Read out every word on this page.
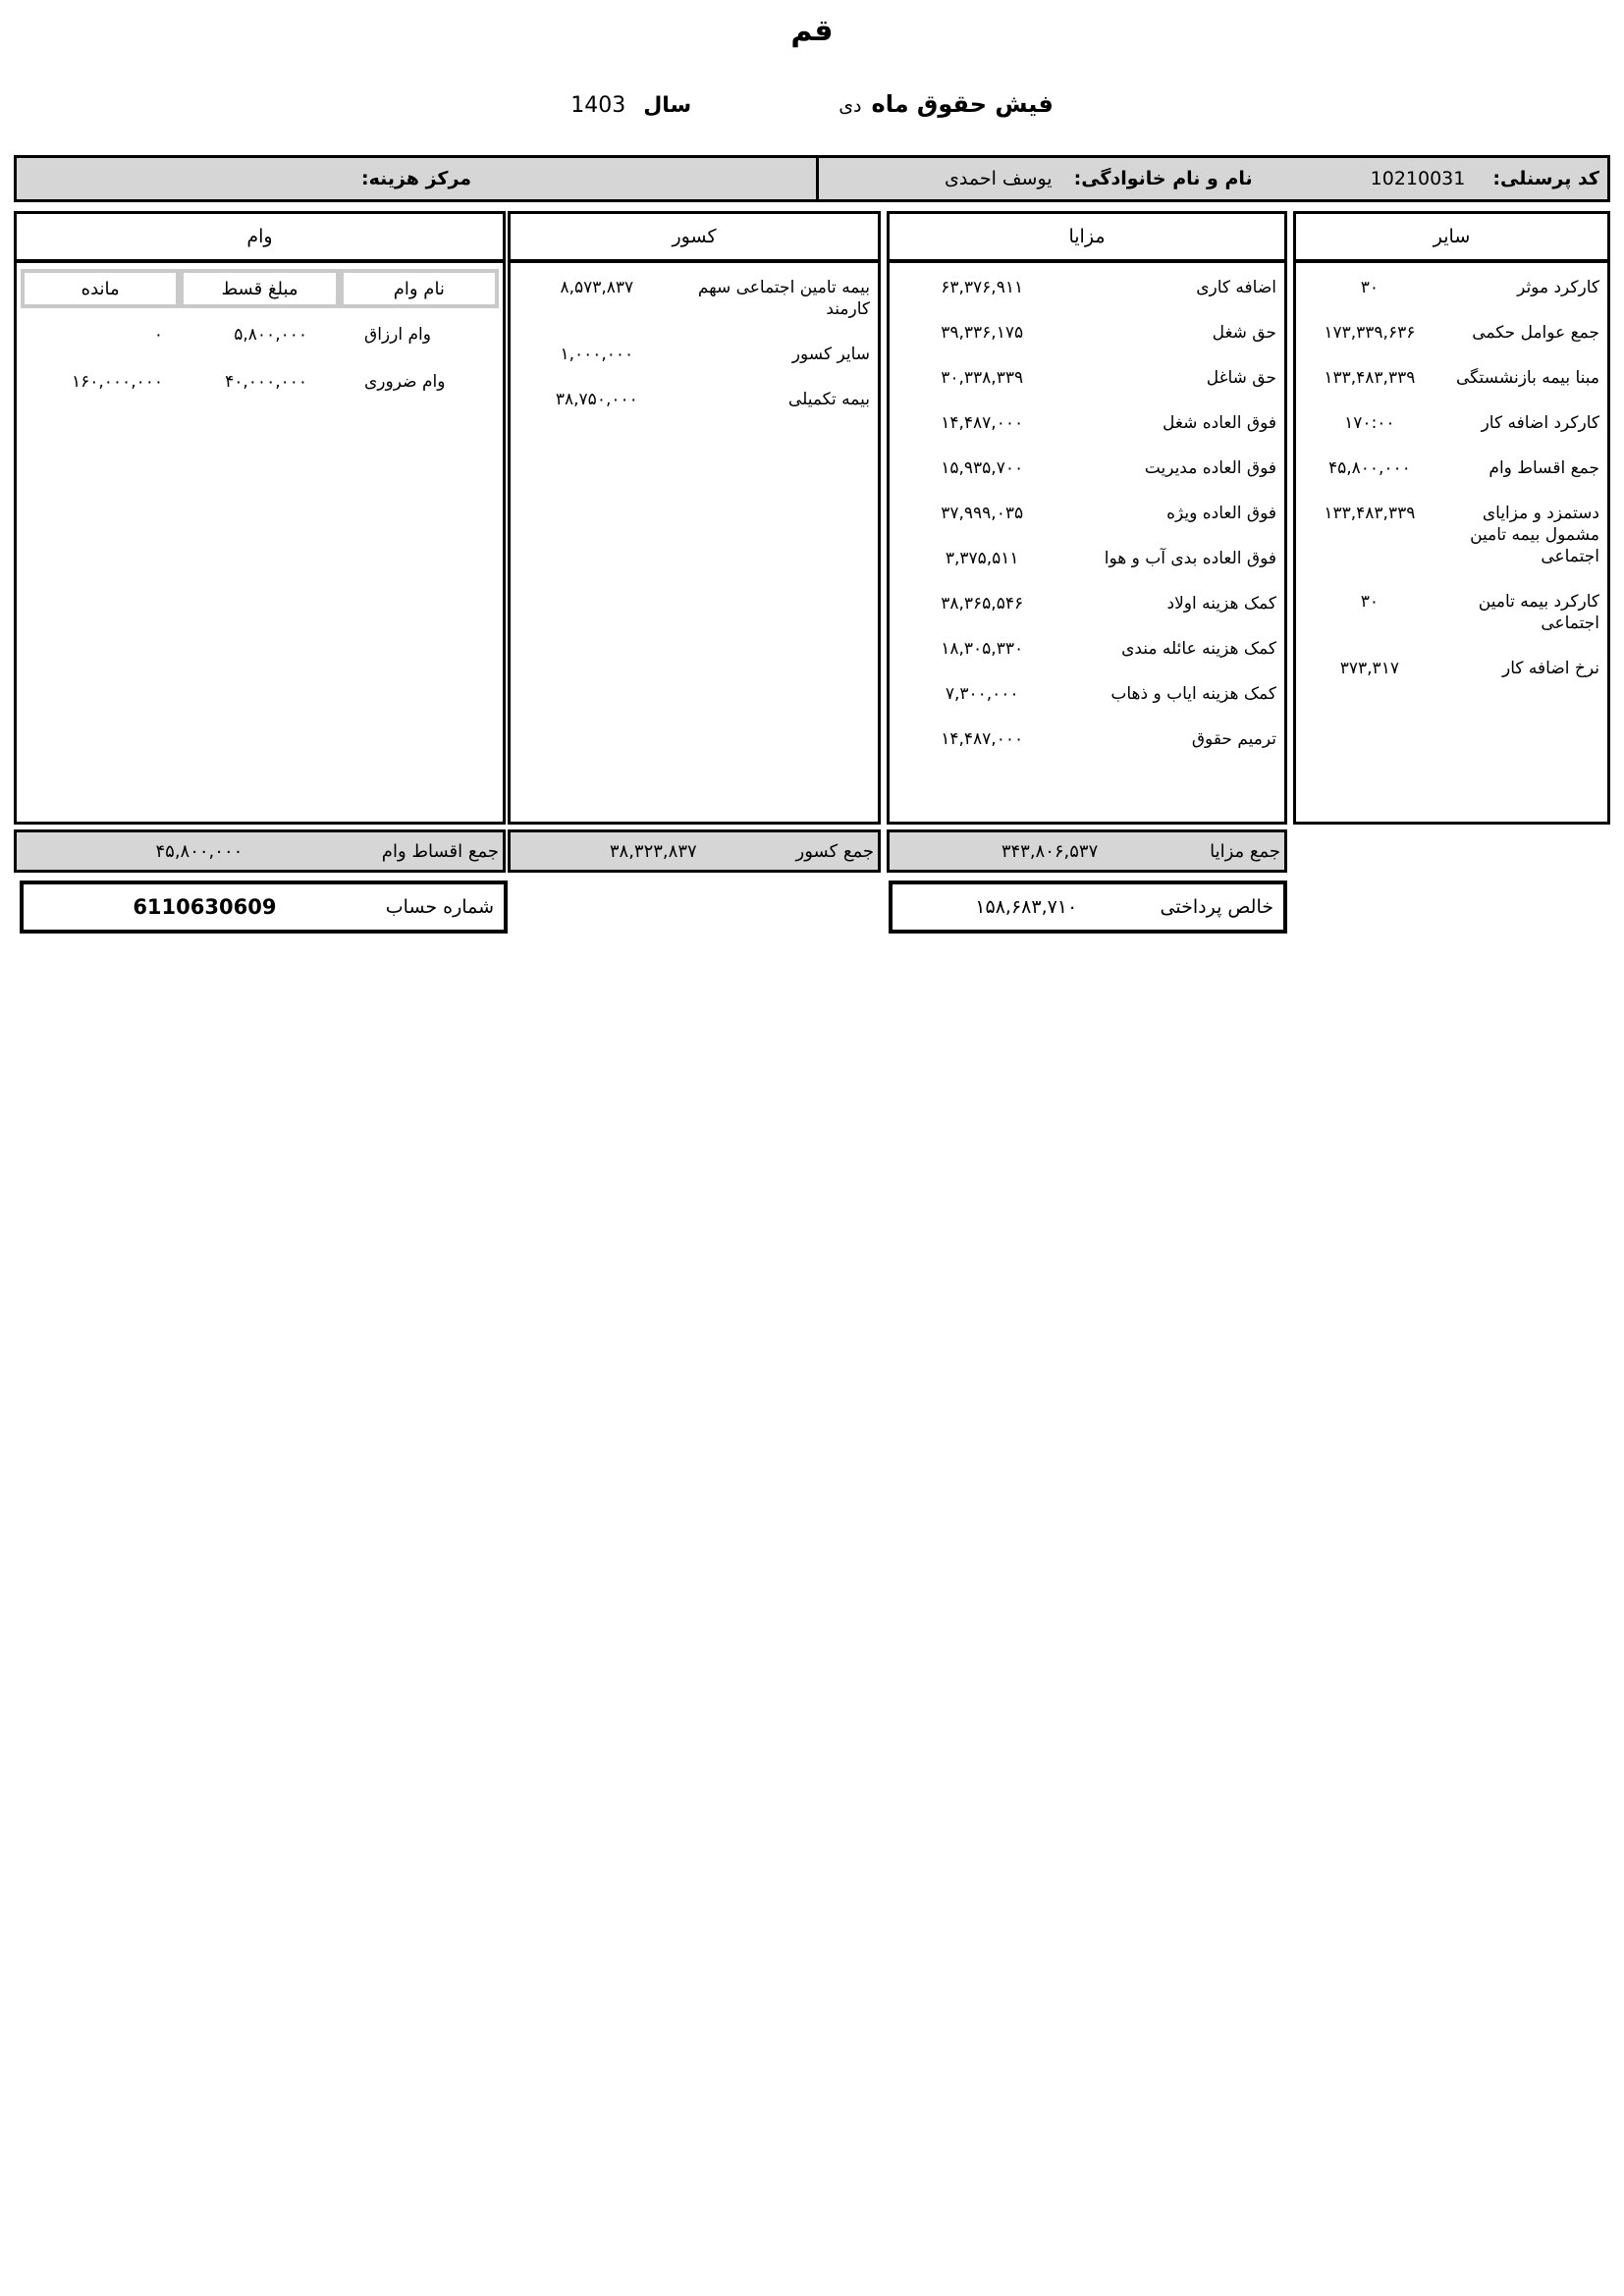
قم
فیش حقوق ماه
دی
سال
1403
کد پرسنلی:
10210031
نام و نام خانوادگی:
یوسف احمدی
مرکز هزینه:
سایر
کارکرد موثر
۳۰
جمع عوامل حکمی
۱۷۳,۳۳۹,۶۳۶
مبنا بیمه بازنشستگی
۱۳۳,۴۸۳,۳۳۹
کارکرد اضافه کار
۱۷۰:۰۰
جمع اقساط وام
۴۵,۸۰۰,۰۰۰
دستمزد و مزایای مشمول بیمه تامین اجتماعی
۱۳۳,۴۸۳,۳۳۹
کارکرد بیمه تامین اجتماعی
۳۰
نرخ اضافه کار
۳۷۳,۳۱۷
مزایا
اضافه کاری
۶۳,۳۷۶,۹۱۱
حق شغل
۳۹,۳۳۶,۱۷۵
حق شاغل
۳۰,۳۳۸,۳۳۹
فوق العاده شغل
۱۴,۴۸۷,۰۰۰
فوق العاده مدیریت
۱۵,۹۳۵,۷۰۰
فوق العاده ویژه
۳۷,۹۹۹,۰۳۵
فوق العاده بدی آب و هوا
۳,۳۷۵,۵۱۱
کمک هزینه اولاد
۳۸,۳۶۵,۵۴۶
کمک هزینه عائله مندی
۱۸,۳۰۵,۳۳۰
کمک هزینه ایاب و ذهاب
۷,۳۰۰,۰۰۰
ترمیم حقوق
۱۴,۴۸۷,۰۰۰
کسور
بیمه تامین اجتماعی سهم کارمند
۸,۵۷۳,۸۳۷
سایر کسور
۱,۰۰۰,۰۰۰
بیمه تکمیلی
۳۸,۷۵۰,۰۰۰
وام
نام وام
مبلغ قسط
مانده
وام ارزاق
۵,۸۰۰,۰۰۰
۰
وام ضروری
۴۰,۰۰۰,۰۰۰
۱۶۰,۰۰۰,۰۰۰
جمع اقساط وام
۴۵,۸۰۰,۰۰۰	جمع کسور
۳۸,۳۲۳,۸۳۷	جمع مزایا
۳۴۳,۸۰۶,۵۳۷
شماره حساب
6110630609	خالص پرداختی
۱۵۸,۶۸۳,۷۱۰
